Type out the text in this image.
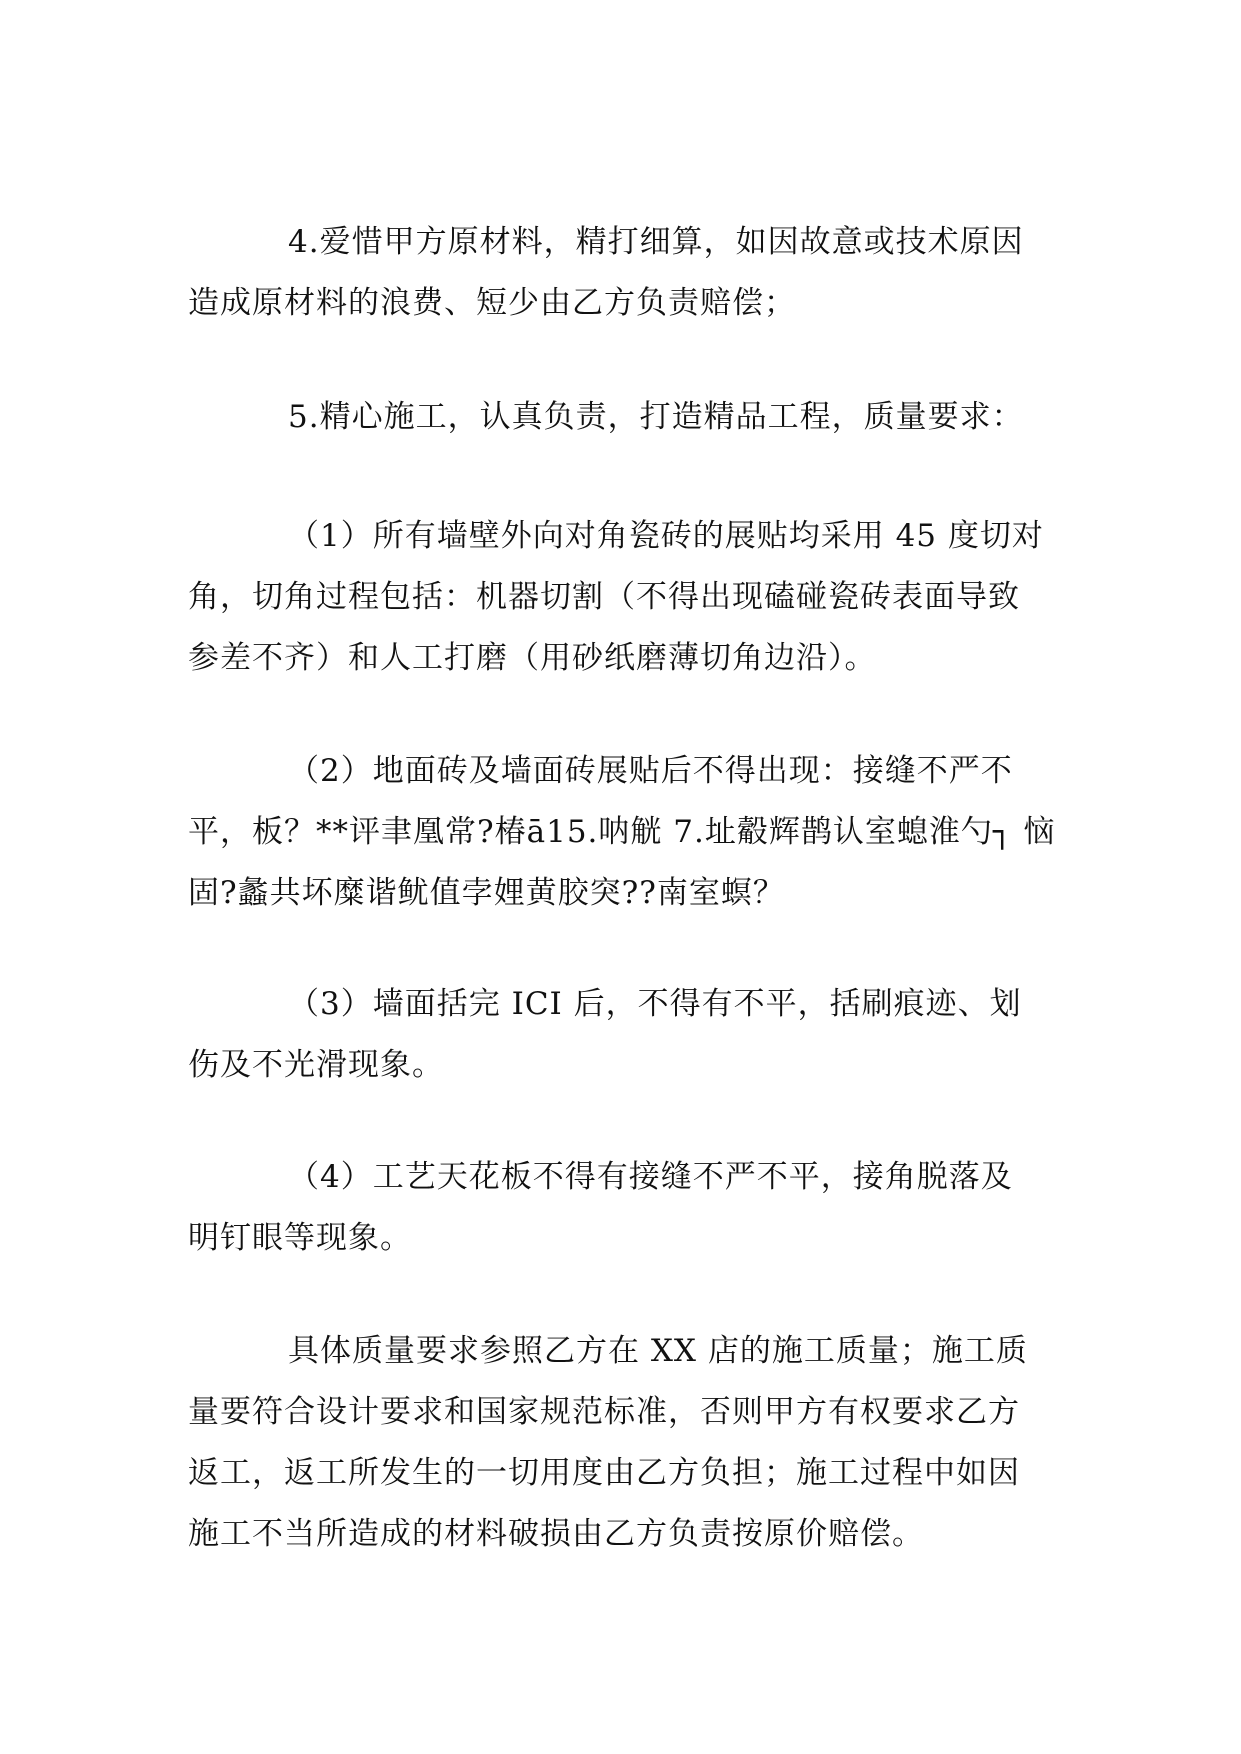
4.爱惜甲方原材料，精打细算，如因故意或技术原因
造成原材料的浪费、短少由乙方负责赔偿；
5.精心施工，认真负责，打造精品工程，质量要求：
（1）所有墙壁外向对角瓷砖的展贴均采用 45 度切对
角，切角过程包括：机器切割（不得出现磕碰瓷砖表面导致
参差不齐）和人工打磨（用砂纸磨薄切角边沿）。
（2）地面砖及墙面砖展贴后不得出现：接缝不严不
平，板？**评聿凰常?椿ā15.呐觥 7.址觳辉鹊认室螅淮勺┐ 恼
固?蠡共坏糜谐鱿值孛娌黄胶突??南室螟？
（3）墙面括完 ICI 后，不得有不平，括刷痕迹、划
伤及不光滑现象。
（4）工艺天花板不得有接缝不严不平，接角脱落及
明钉眼等现象。
具体质量要求参照乙方在 XX 店的施工质量；施工质
量要符合设计要求和国家规范标准，否则甲方有权要求乙方
返工，返工所发生的一切用度由乙方负担；施工过程中如因
施工不当所造成的材料破损由乙方负责按原价赔偿。
